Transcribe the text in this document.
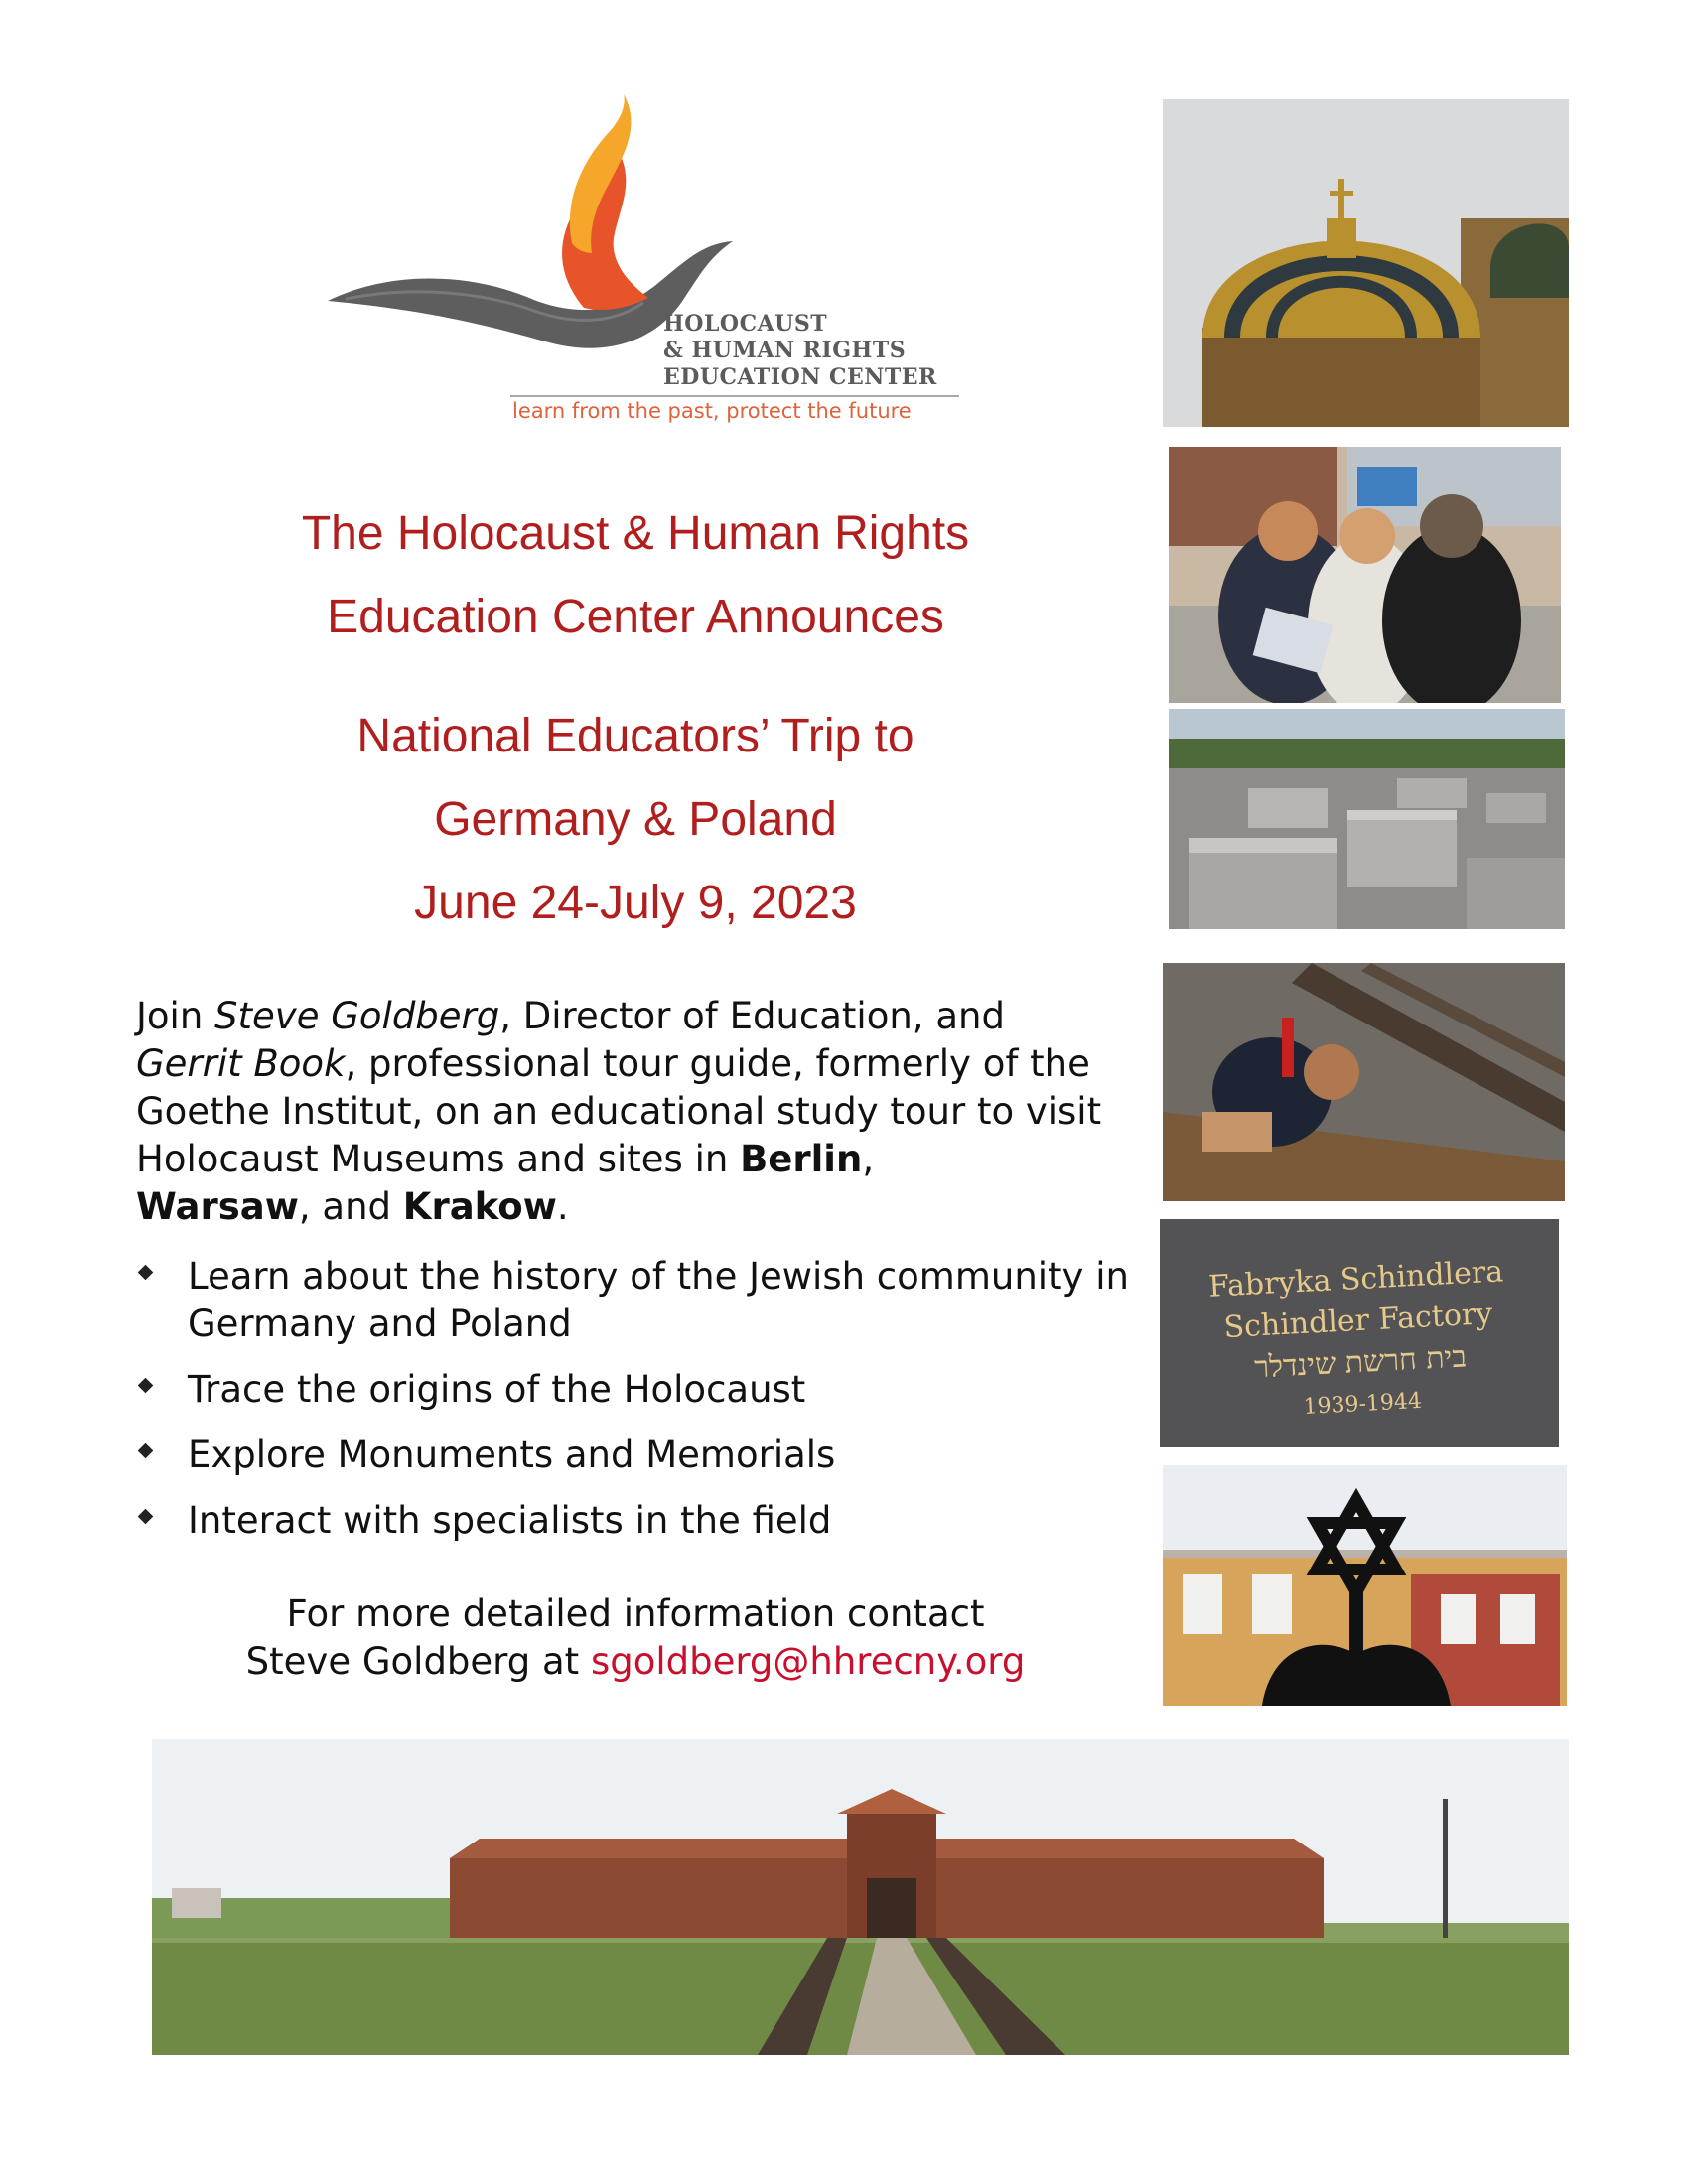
HOLOCAUST
& HUMAN RIGHTS
EDUCATION CENTER
learn from the past, protect the future
The Holocaust & Human Rights
Education Center Announces
National Educators’ Trip to
Germany & Poland
June 24-July 9, 2023
Join Steve Goldberg, Director of Education, and
Gerrit Book, professional tour guide, formerly of the Goethe Institut, on an educational study tour to visit Holocaust Museums and sites in Berlin,
Warsaw, and Krakow.
Learn about the history of the Jewish community in Germany and Poland
Trace the origins of the Holocaust
Explore Monuments and Memorials
Interact with specialists in the field
For more detailed information contact
Steve Goldberg at sgoldberg@hhrecny.org
Fabryka Schindlera
Schindler Factory
בית חרשת שינדלר
1939-1944
